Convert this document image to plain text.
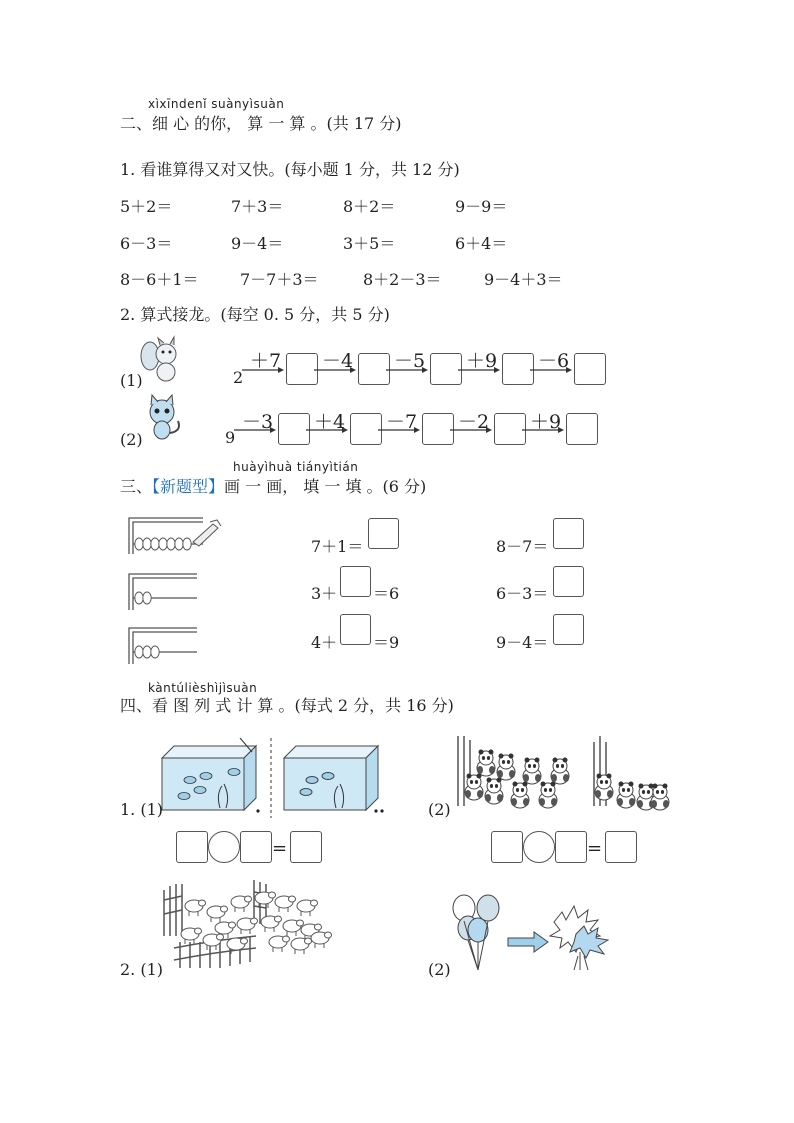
xìxīndenǐ suànyìsuàn
二、细 心 的你， 算 一 算 。(共 17 分)
1. 看谁算得又对又快。(每小题 1 分，共 12 分)
5＋2＝	7＋3＝	8＋2＝	9－9＝
6－3＝	9－4＝	3＋5＝	6＋4＝
8－6＋1＝	7－7＋3＝	8＋2－3＝	9－4＋3＝
2. 算式接龙。(每空 0. 5 分，共 5 分)
(1)	2
＋7 －4 －5 ＋9 －6
(2)	9
－3 ＋4 －7 －2 ＋9
huàyìhuà tiányìtián
三、【新题型】画 一 画， 填 一 填 。(6 分)
7＋1＝	8－7＝
3＋ ＝6	6－3＝
4＋ ＝9	9－4＝
kàntúlièshìjìsuàn
四、看 图 列 式 计 算 。(每式 2 分，共 16 分)
1. (1)	(2)
=	=
2. (1)	(2)
